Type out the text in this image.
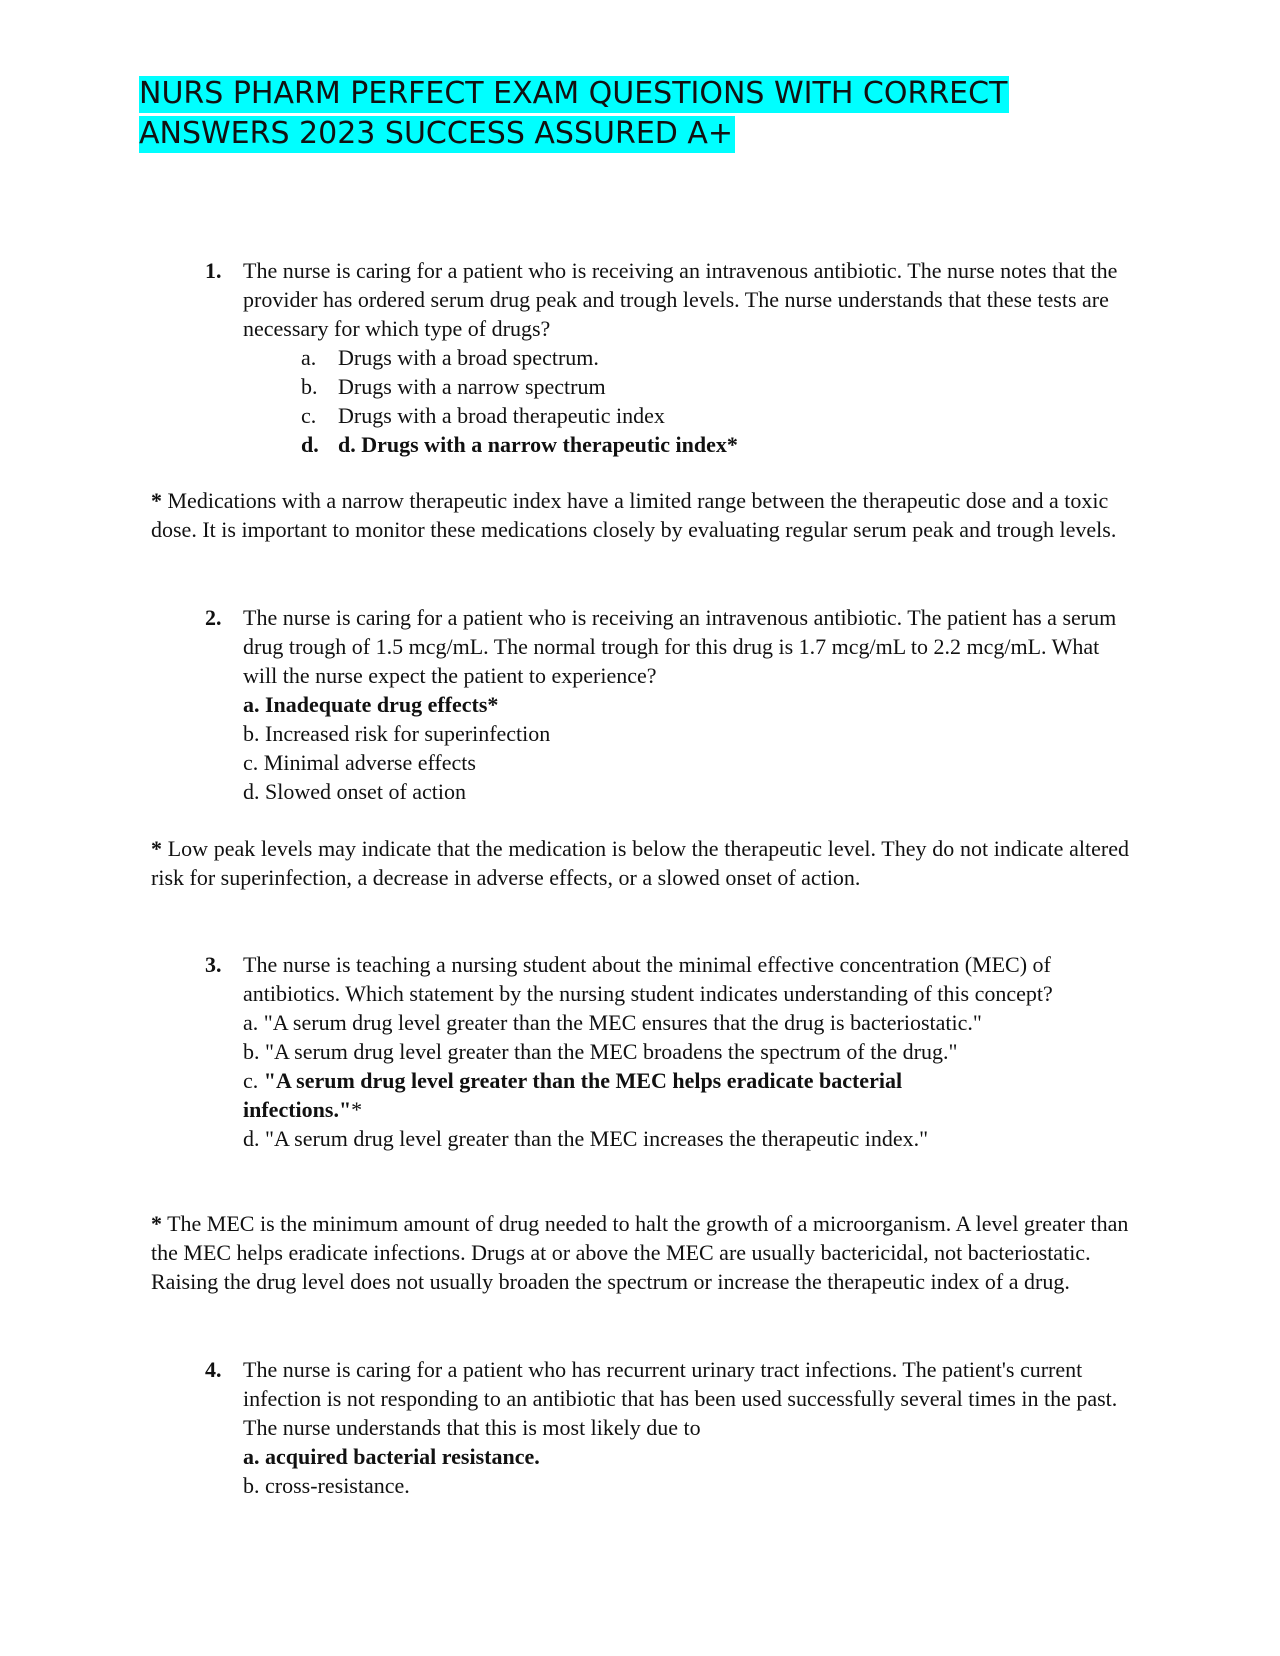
NURS PHARM PERFECT EXAM QUESTIONS WITH CORRECT
ANSWERS 2023 SUCCESS ASSURED A+
1. The nurse is caring for a patient who is receiving an intravenous antibiotic. The nurse notes that the provider has ordered serum drug peak and trough levels. The nurse understands that these tests are necessary for which type of drugs?
a. Drugs with a broad spectrum.
b. Drugs with a narrow spectrum
c. Drugs with a broad therapeutic index
d. d. Drugs with a narrow therapeutic index*
* Medications with a narrow therapeutic index have a limited range between the therapeutic dose and a toxic dose. It is important to monitor these medications closely by evaluating regular serum peak and trough levels.
2. The nurse is caring for a patient who is receiving an intravenous antibiotic. The patient has a serum drug trough of 1.5 mcg/mL. The normal trough for this drug is 1.7 mcg/mL to 2.2 mcg/mL. What will the nurse expect the patient to experience?
a. Inadequate drug effects*
b. Increased risk for superinfection
c. Minimal adverse effects
d. Slowed onset of action
* Low peak levels may indicate that the medication is below the therapeutic level. They do not indicate altered risk for superinfection, a decrease in adverse effects, or a slowed onset of action.
3. The nurse is teaching a nursing student about the minimal effective concentration (MEC) of antibiotics. Which statement by the nursing student indicates understanding of this concept?
a. "A serum drug level greater than the MEC ensures that the drug is bacteriostatic."
b. "A serum drug level greater than the MEC broadens the spectrum of the drug."
c. "A serum drug level greater than the MEC helps eradicate bacterial infections."*
d. "A serum drug level greater than the MEC increases the therapeutic index."
* The MEC is the minimum amount of drug needed to halt the growth of a microorganism. A level greater than the MEC helps eradicate infections. Drugs at or above the MEC are usually bactericidal, not bacteriostatic. Raising the drug level does not usually broaden the spectrum or increase the therapeutic index of a drug.
4. The nurse is caring for a patient who has recurrent urinary tract infections. The patient's current infection is not responding to an antibiotic that has been used successfully several times in the past. The nurse understands that this is most likely due to
a. acquired bacterial resistance.
b. cross-resistance.
